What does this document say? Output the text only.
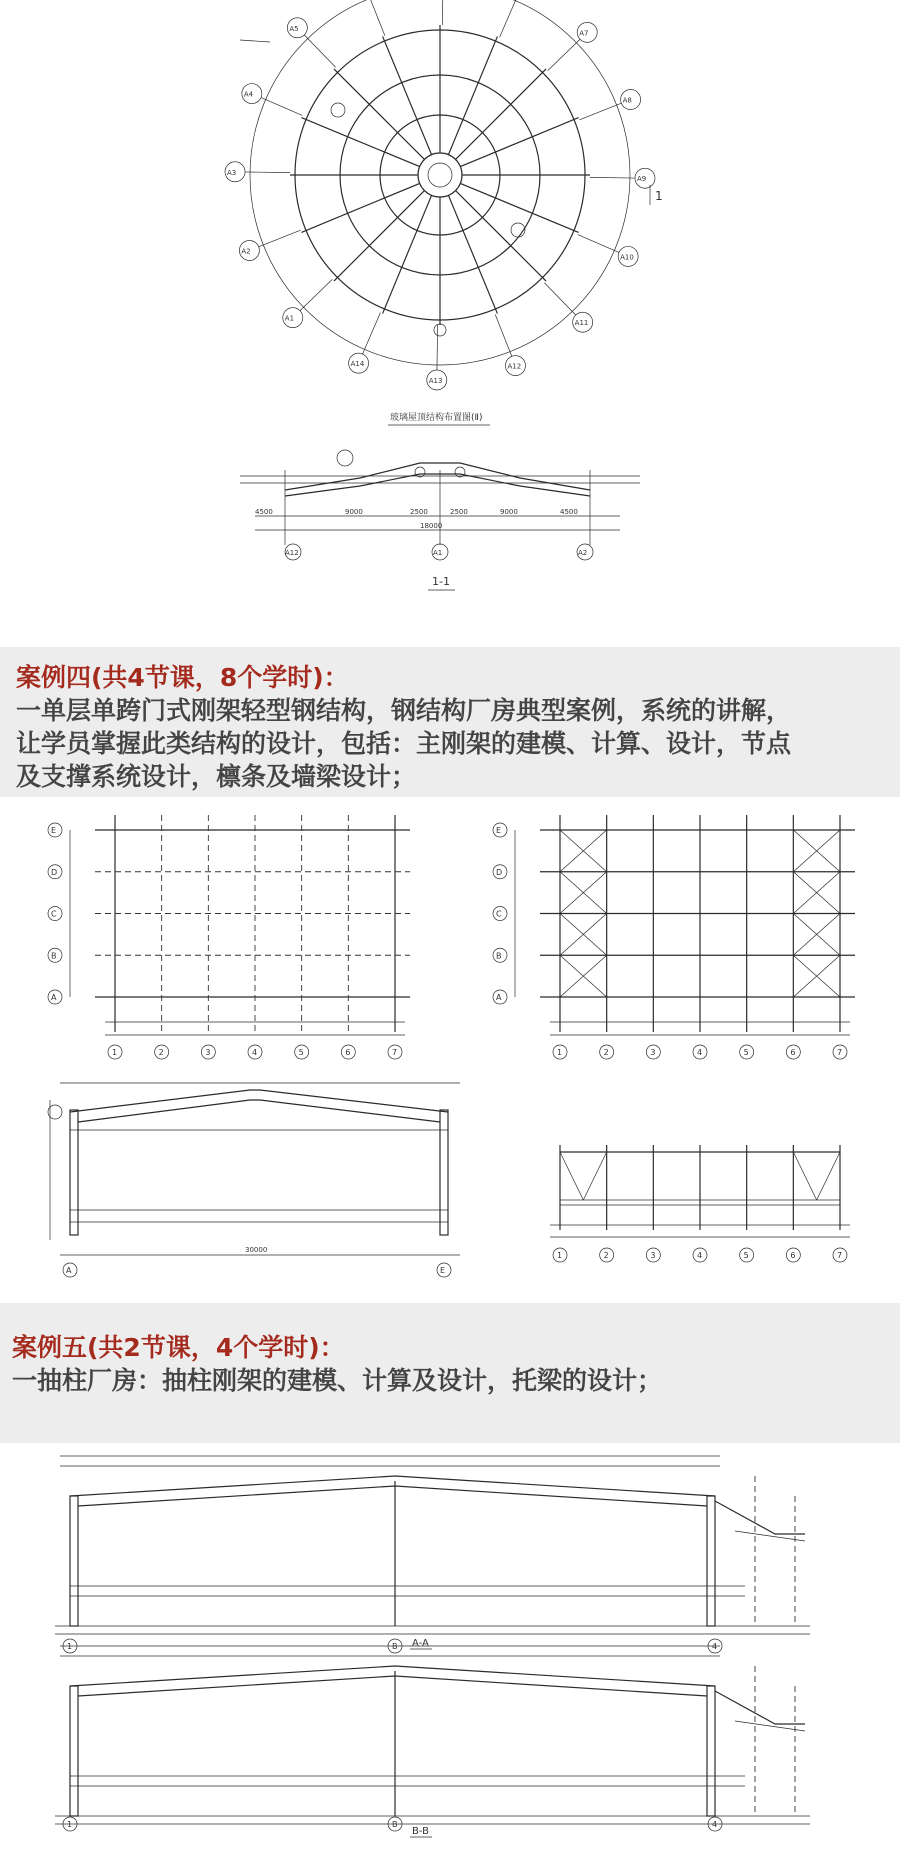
A7
A8
A9
A10
A11
A12
A13
A14
A1
A2
A3
A4
A5
1
玻璃屋顶结构布置图(Ⅱ)
4500	9000	2500	2500	9000	4500
18000
A12	A1	A2
1-1

案例四(共4节课，8个学时)：

一单层单跨门式刚架轻型钢结构，钢结构厂房典型案例，系统的讲解，

让学员掌握此类结构的设计，包括：主刚架的建模、计算、设计，节点

及支撑系统设计，檩条及墙梁设计；

E
D
C
B
A
1	2	3	4	5	6	7
E
D
C
B
A
1	2	3	4	5	6	7
30000
A	E
1	2	3	4	5	6	7

案例五(共2节课，4个学时)：

一抽柱厂房：抽柱刚架的建模、计算及设计，托梁的设计；

1	B	4
1	B	4
A-A
B-B
